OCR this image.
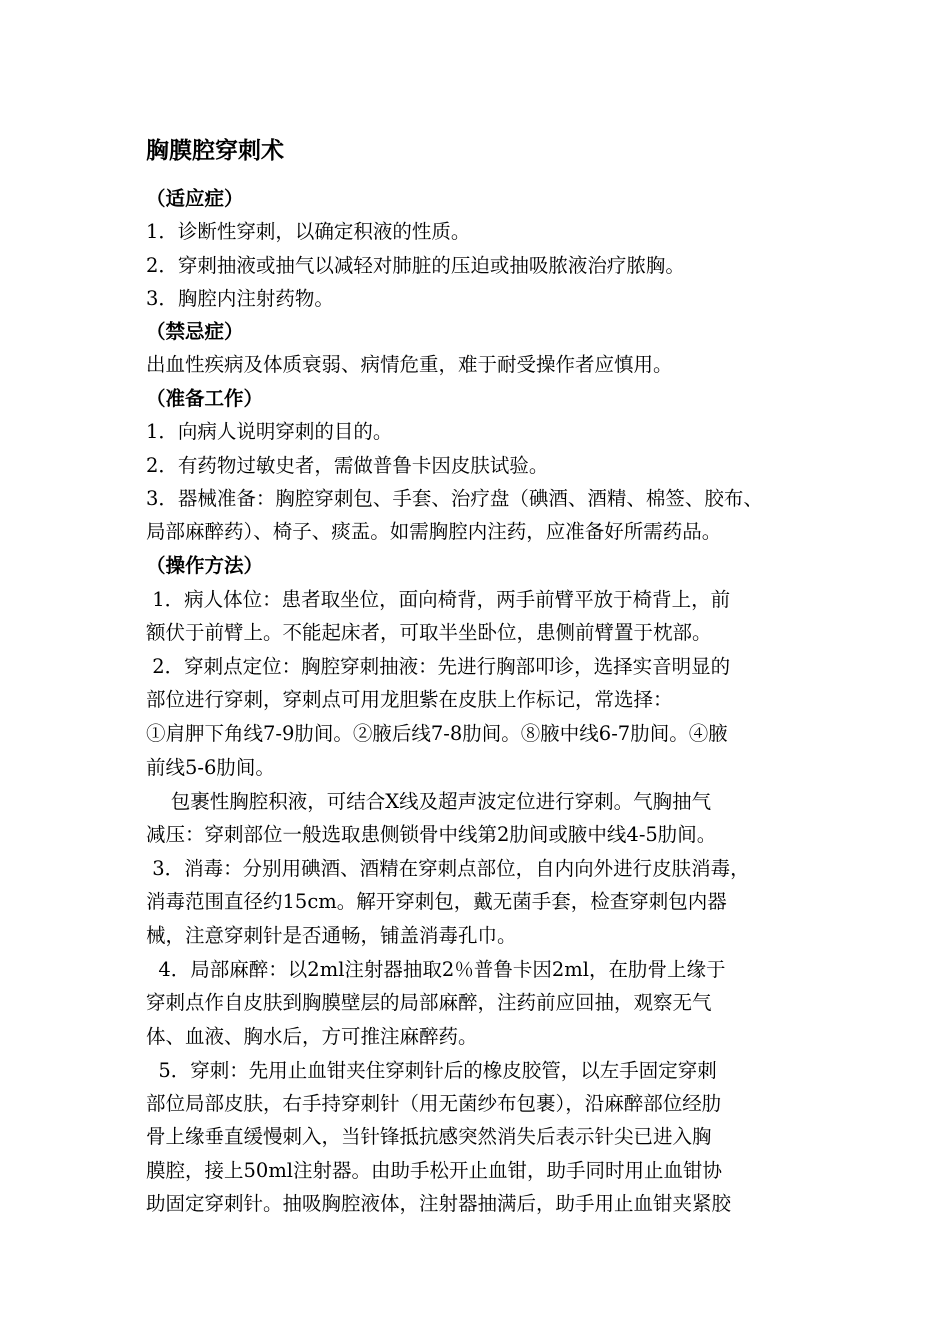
胸膜腔穿刺术
（适应症）
1．诊断性穿刺，以确定积液的性质。
2．穿刺抽液或抽气以减轻对肺脏的压迫或抽吸脓液治疗脓胸。
3．胸腔内注射药物。
（禁忌症）
出血性疾病及体质衰弱、病情危重，难于耐受操作者应慎用。
（准备工作）
1．向病人说明穿刺的目的。
2．有药物过敏史者，需做普鲁卡因皮肤试验。
3．器械准备：胸腔穿刺包、手套、治疗盘（碘酒、酒精、棉签、胶布、
局部麻醉药）、椅子、痰盂。如需胸腔内注药，应准备好所需药品。
（操作方法）
1．病人体位：患者取坐位，面向椅背，两手前臂平放于椅背上，前
额伏于前臂上。不能起床者，可取半坐卧位，患侧前臂置于枕部。
2．穿刺点定位：胸腔穿刺抽液：先进行胸部叩诊，选择实音明显的
部位进行穿刺，穿刺点可用龙胆紫在皮肤上作标记，常选择：
①肩胛下角线7-9肋间。②腋后线7-8肋间。⑧腋中线6-7肋间。④腋
前线5-6肋间。
包裹性胸腔积液，可结合X线及超声波定位进行穿刺。气胸抽气
减压：穿刺部位一般选取患侧锁骨中线第2肋间或腋中线4-5肋间。
3．消毒：分别用碘酒、酒精在穿刺点部位，自内向外进行皮肤消毒，
消毒范围直径约15cm。解开穿刺包，戴无菌手套，检查穿刺包内器
械，注意穿刺针是否通畅，铺盖消毒孔巾。
4．局部麻醉：以2ml注射器抽取2％普鲁卡因2ml，在肋骨上缘于
穿刺点作自皮肤到胸膜壁层的局部麻醉，注药前应回抽，观察无气
体、血液、胸水后，方可推注麻醉药。
5．穿刺：先用止血钳夹住穿刺针后的橡皮胶管，以左手固定穿刺
部位局部皮肤，右手持穿刺针（用无菌纱布包裹），沿麻醉部位经肋
骨上缘垂直缓慢刺入，当针锋抵抗感突然消失后表示针尖已进入胸
膜腔，接上50ml注射器。由助手松开止血钳，助手同时用止血钳协
助固定穿刺针。抽吸胸腔液体，注射器抽满后，助手用止血钳夹紧胶
